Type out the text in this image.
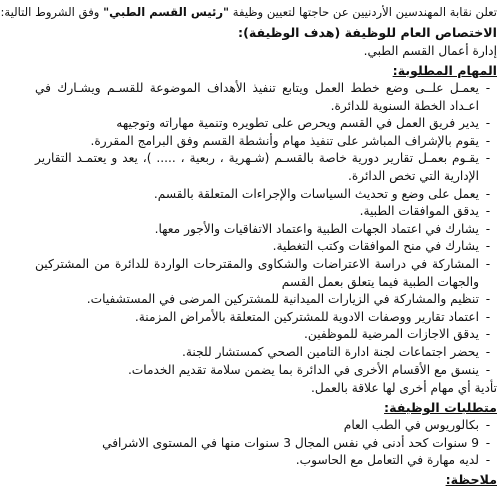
تعلن نقابة المهندسين الأردنيين عن حاجتها لتعيين وظيفة "رئيس القسم الطبي" وفق الشروط التالية:
الاختصاص العام للوظيفة (هدف الوظيفة):
إدارة أعمال القسم الطبي.
المهام المطلوبة:
-
يعمـل علــى وضع خطط العمل ويتابع تنفيذ الأهداف الموضوعة للقسـم ويشـارك في اعـداد الخطة السنوية للدائرة.
-
يدير فريق العمل في القسم ويحرص على تطويره وتنمية مهاراته وتوجيهه
-
يقوم بالإشراف المباشر على تنفيذ مهام وأنشطة القسم وفق البرامج المقررة.
-
يقـوم بعمـل تقارير دورية خاصة بالقسـم (شـهرية ، ربعية ، ..... )، يعد و يعتمـد التقارير الإدارية التي تخص الدائرة.
-
يعمل على وضع و تحديث السياسات والإجراءات المتعلقة بالقسم.
-
يدقق الموافقات الطبية.
-
يشارك في اعتماد الجهات الطبية واعتماد الاتفاقيات والأجور معها.
-
يشارك في منح الموافقات وكتب التغطية.
-
المشاركة في دراسة الاعتراضات والشكاوى والمقترحات الواردة للدائرة من المشتركين والجهات الطبية فيما يتعلق بعمل القسم
-
تنظيم والمشاركة في الزيارات الميدانية للمشتركين المرضى في المستشفيات.
-
اعتماد تقارير ووصفات الادوية للمشتركين المتعلقة بالأمراض المزمنة.
-
يدقق الاجازات المرضية للموظفين.
-
يحضر اجتماعات لجنة ادارة التامين الصحي كمستشار للجنة.
-
ينسق مع الأقسام الأخرى في الدائرة بما يضمن سلامة تقديم الخدمات.
تأدية أي مهام أخرى لها علاقة بالعمل.
متطلبات الوظيفة:
-
بكالوريوس في الطب العام
-
9 سنوات كحد أدنى في نفس المجال 3 سنوات منها في المستوى الاشرافي
-
لديه مهارة في التعامل مع الحاسوب.
ملاحظة:
